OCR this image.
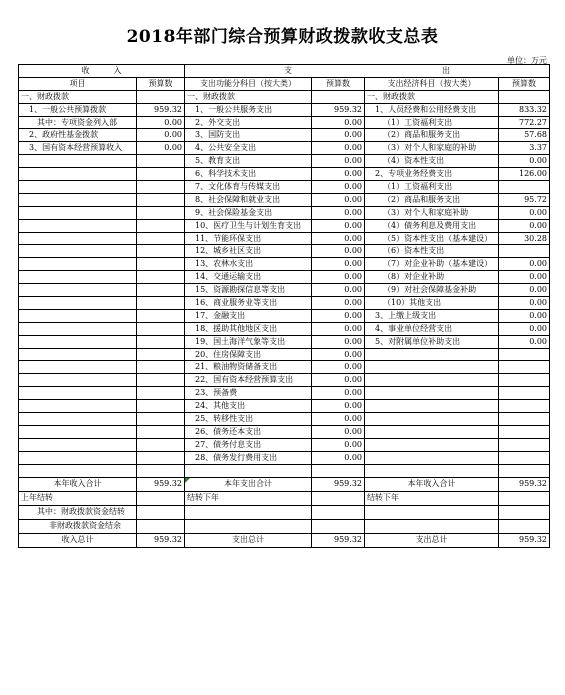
2018年部门综合预算财政拨款收支总表
单位：万元
收　　　入		支 出			
项目	预算数	支出功能分科目（按大类）	预算数	支出经济科目（按大类）	预算数
一、财政拨款		一、财政拨款		一、财政拨款	
1、一般公共预算拨款	959.32	1、一般公共服务支出	959.32	1、人员经费和公用经费支出	833.32
其中：专项资金列入部	0.00	2、外交支出	0.00	（1）工资福利支出	772.27
2、政府性基金拨款	0.00	3、国防支出	0.00	（2）商品和服务支出	57.68
3、国有资本经营预算收入	0.00	4、公共安全支出	0.00	（3）对个人和家庭的补助	3.37
		5、教育支出	0.00	（4）资本性支出	0.00
		6、科学技术支出	0.00	2、专项业务经费支出	126.00
		7、文化体育与传媒支出	0.00	（1）工资福利支出	
		8、社会保障和就业支出	0.00	（2）商品和服务支出	95.72
		9、社会保险基金支出	0.00	（3）对个人和家庭补助	0.00
		10、医疗卫生与计划生育支出	0.00	（4）债务利息及费用支出	0.00
		11、节能环保支出	0.00	（5）资本性支出（基本建设）	30.28
		12、城乡社区支出	0.00	（6）资本性支出	
		13、农林水支出	0.00	（7）对企业补助（基本建设）	0.00
		14、交通运输支出	0.00	（8）对企业补助	0.00
		15、资源勘探信息等支出	0.00	（9）对社会保障基金补助	0.00
		16、商业服务业等支出	0.00	（10）其他支出	0.00
		17、金融支出	0.00	3、上缴上级支出	0.00
		18、援助其他地区支出	0.00	4、事业单位经营支出	0.00
		19、国土海洋气象等支出	0.00	5、对附属单位补助支出	0.00
		20、住房保障支出	0.00		
		21、粮油物资储备支出	0.00		
		22、国有资本经营预算支出	0.00		
		23、预备费	0.00		
		24、其他支出	0.00		
		25、转移性支出	0.00		
		26、债务还本支出	0.00		
		27、债务付息支出	0.00		
		28、债务发行费用支出	0.00		

本年收入合计	959.32	本年支出合计	959.32	本年收入合计	959.32
上年结转		结转下年		结转下年	
其中：财政拨款资金结转					
非财政拨款资金结余					
收入总计	959.32	支出总计	959.32	支出总计	959.32
